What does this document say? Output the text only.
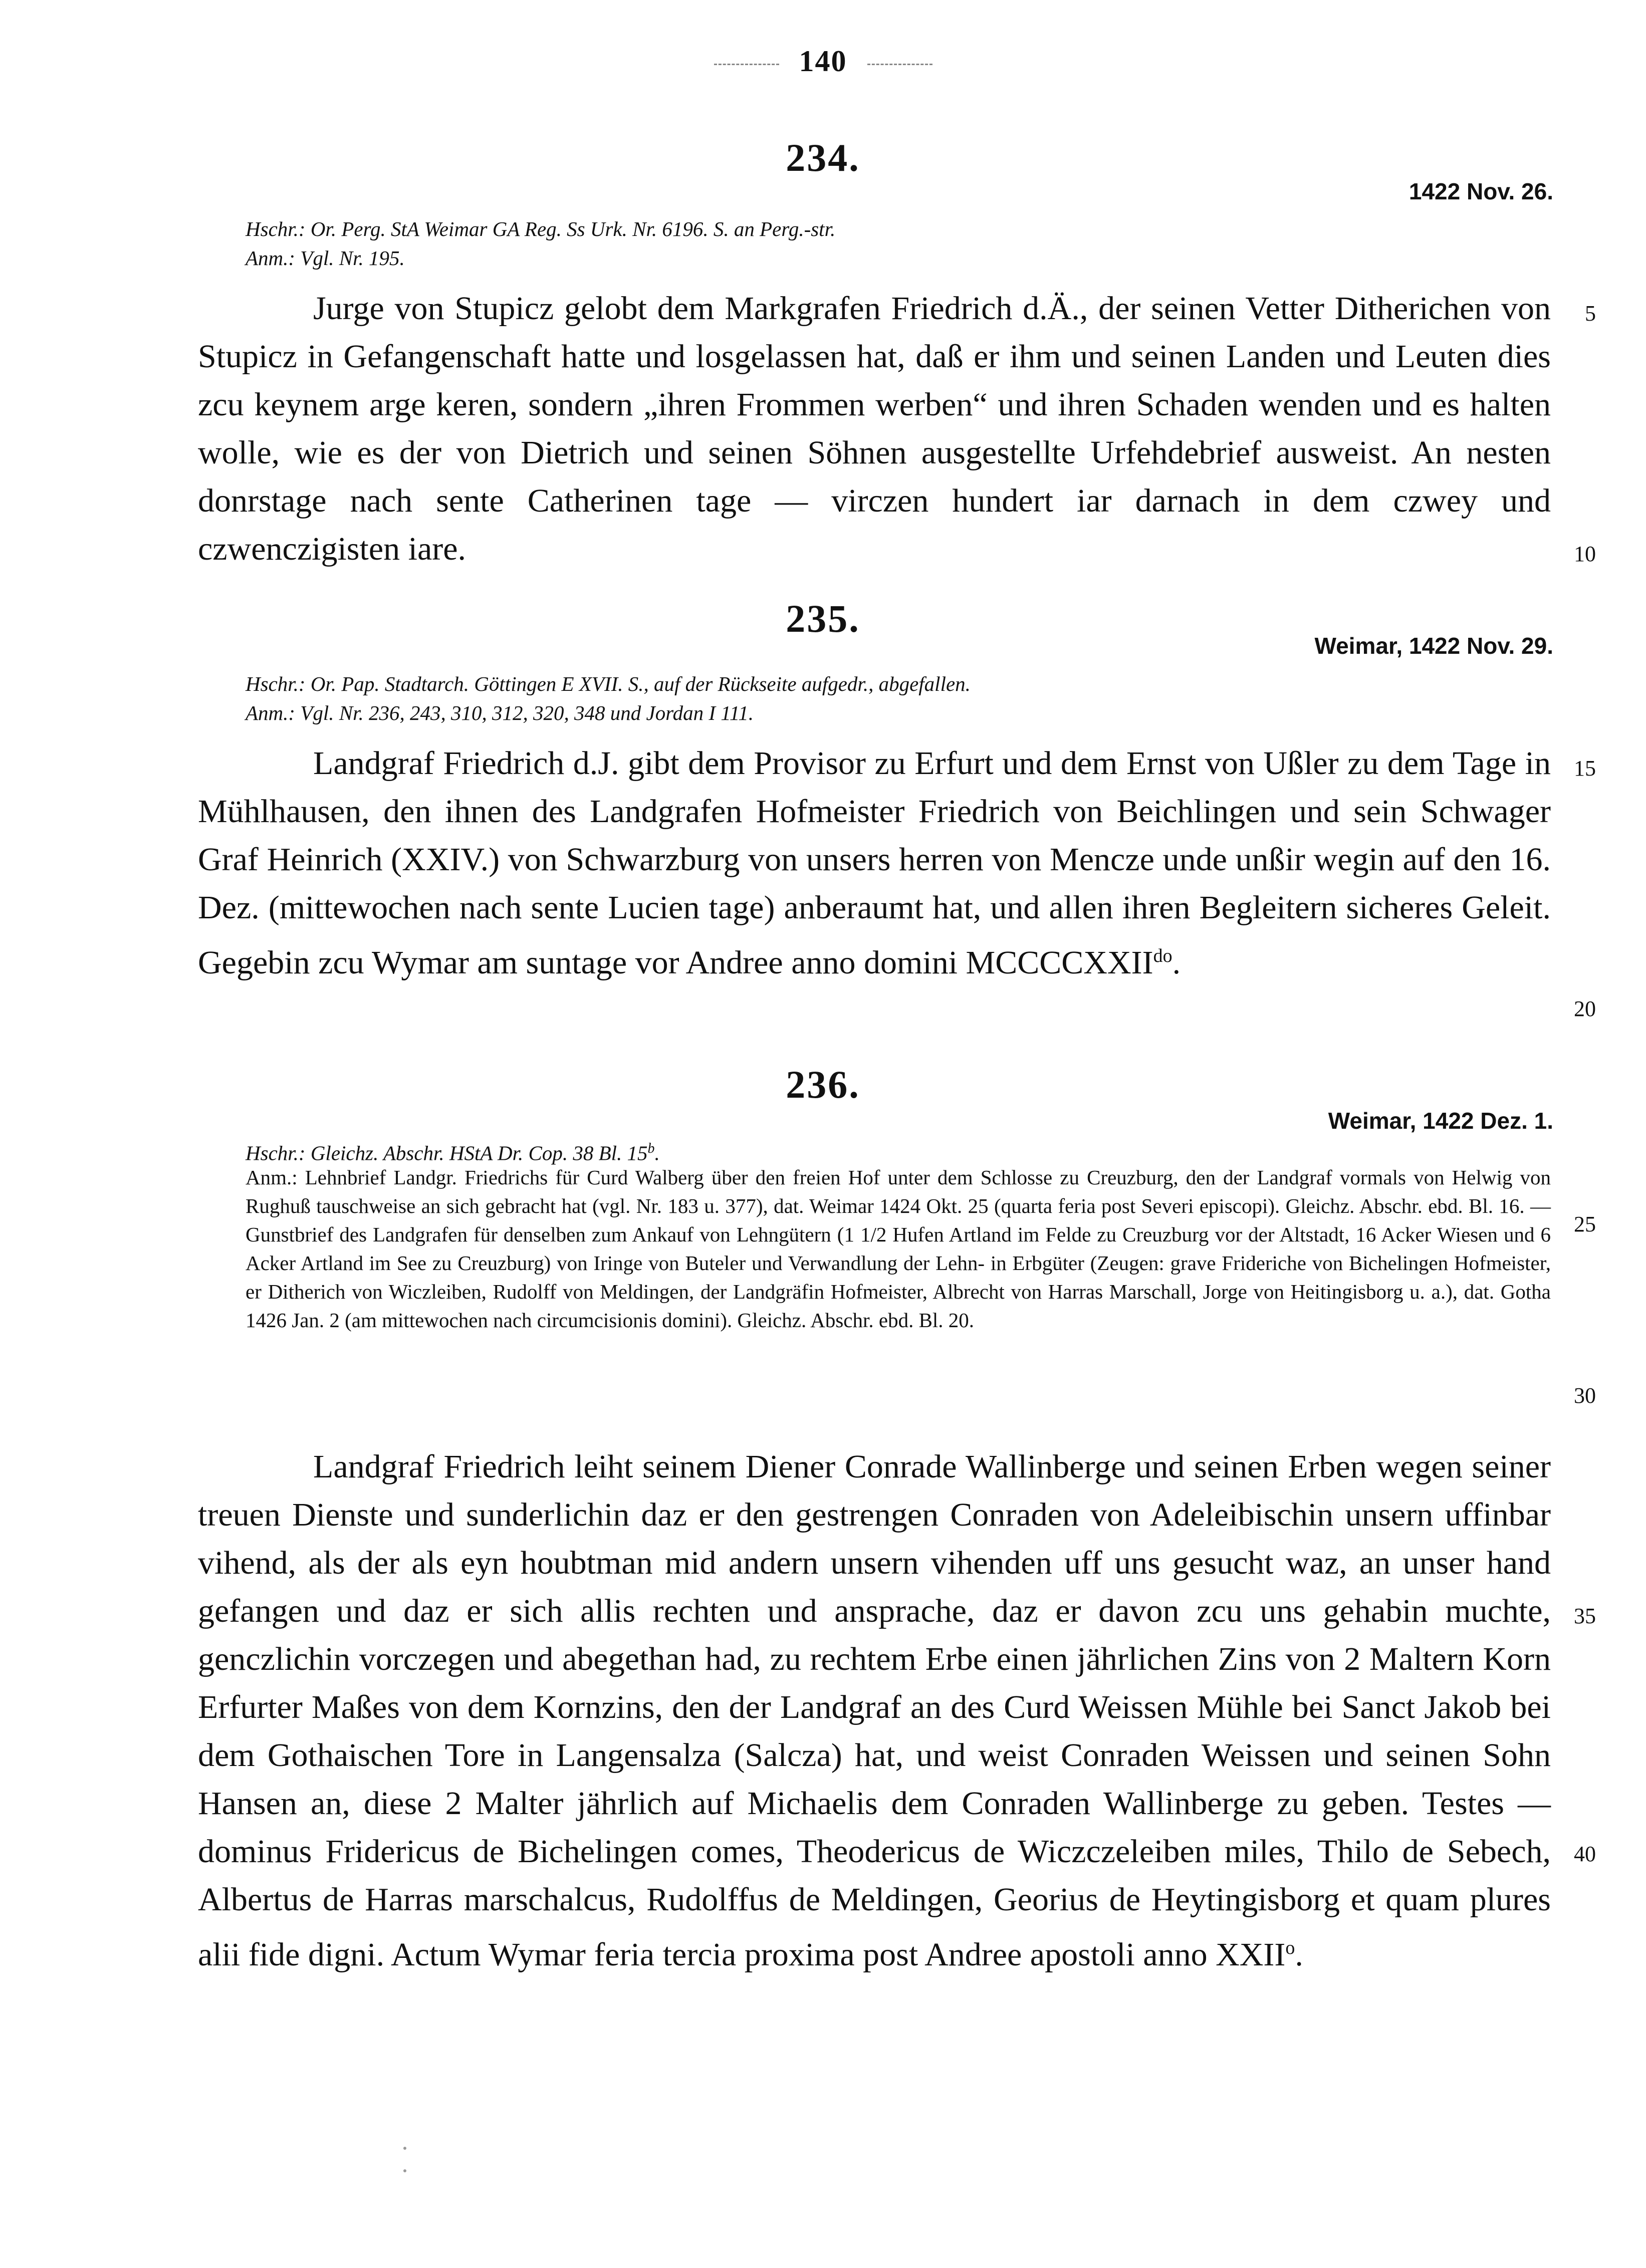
140
234.
1422 Nov. 26.
Hschr.: Or. Perg. StA Weimar GA Reg. Ss Urk. Nr. 6196. S. an Perg.-str.
Anm.: Vgl. Nr. 195.

Jurge von Stupicz gelobt dem Markgrafen Friedrich d.Ä., der seinen Vetter Ditherichen von Stupicz in Gefangenschaft hatte und losgelassen hat, daß er ihm und seinen Landen und Leuten dies zcu keynem arge keren, sondern „ihren Frommen werben“ und ihren Schaden wenden und es halten wolle, wie es der von Dietrich und seinen Söhnen ausgestellte Urfehdebrief ausweist. An nesten donrstage nach sente Catherinen tage — virczen hundert iar darnach in dem czwey und czwenczigisten iare.

235.
Weimar, 1422 Nov. 29.
Hschr.: Or. Pap. Stadtarch. Göttingen E XVII. S., auf der Rückseite aufgedr., abgefallen.
Anm.: Vgl. Nr. 236, 243, 310, 312, 320, 348 und Jordan I 111.

Landgraf Friedrich d.J. gibt dem Provisor zu Erfurt und dem Ernst von Ußler zu dem Tage in Mühlhausen, den ihnen des Landgrafen Hofmeister Friedrich von Beichlingen und sein Schwager Graf Heinrich (XXIV.) von Schwarzburg von unsers herren von Mencze unde unßir wegin auf den 16. Dez. (mittewochen nach sente Lucien tage) anberaumt hat, und allen ihren Begleitern sicheres Geleit. Gegebin zcu Wymar am suntage vor Andree anno domini $MCCCCXXII^{do}$.

236.
Weimar, 1422 Dez. 1.
Hschr.: Gleichz. Abschr. HStA Dr. Cop. 38 Bl. 15$^b$.
Anm.: Lehnbrief Landgr. Friedrichs für Curd Walberg über den freien Hof unter dem Schlosse zu Creuzburg, den der Landgraf vormals von Helwig von Rughuß tauschweise an sich gebracht hat (vgl. Nr. 183 u. 377), dat. Weimar 1424 Okt. 25 (quarta feria post Severi episcopi). Gleichz. Abschr. ebd. Bl. 16. — Gunstbrief des Landgrafen für denselben zum Ankauf von Lehngütern (1 1/2 Hufen Artland im Felde zu Creuzburg vor der Altstadt, 16 Acker Wiesen und 6 Acker Artland im See zu Creuzburg) von Iringe von Buteler und Verwandlung der Lehn- in Erbgüter (Zeugen: grave Friderichе von Bichelingen Hofmeister, er Ditherich von Wiczleiben, Rudolff von Meldingen, der Landgräfin Hofmeister, Albrecht von Harras Marschall, Jorge von Heitingisborg u. a.), dat. Gotha 1426 Jan. 2 (am mittewochen nach circumcisionis domini). Gleichz. Abschr. ebd. Bl. 20.

Landgraf Friedrich leiht seinem Diener Conrade Wallinberge und seinen Erben wegen seiner treuen Dienste und sunderlichin daz er den gestrengen Conraden von Adeleibischin unsern uffinbar vihend, als der als eyn houbtman mid andern unsern vihenden uff uns gesucht waz, an unser hand gefangen und daz er sich allis rechten und ansprache, daz er davon zcu uns gehabin muchte, genczlichin vorczegen und abegethan had, zu rechtem Erbe einen jährlichen Zins von 2 Maltern Korn Erfurter Maßes von dem Kornzins, den der Landgraf an des Curd Weissen Mühle bei Sanct Jakob bei dem Gothaischen Tore in Langensalza (Salcza) hat, und weist Conraden Weissen und seinen Sohn Hansen an, diese 2 Malter jährlich auf Michaelis dem Conraden Wallinberge zu geben. Testes — dominus Fridericus de Bichelingen comes, Theodericus de Wiczczeleiben miles, Thilo de Sebech, Albertus de Harras marschalcus, Rudolffus de Meldingen, Georius de Heytingisborg et quam plures alii fide digni. Actum Wymar feria tercia proxima post Andree apostoli anno XXII$^o$.

5
10
15
20
25
30
35
40
